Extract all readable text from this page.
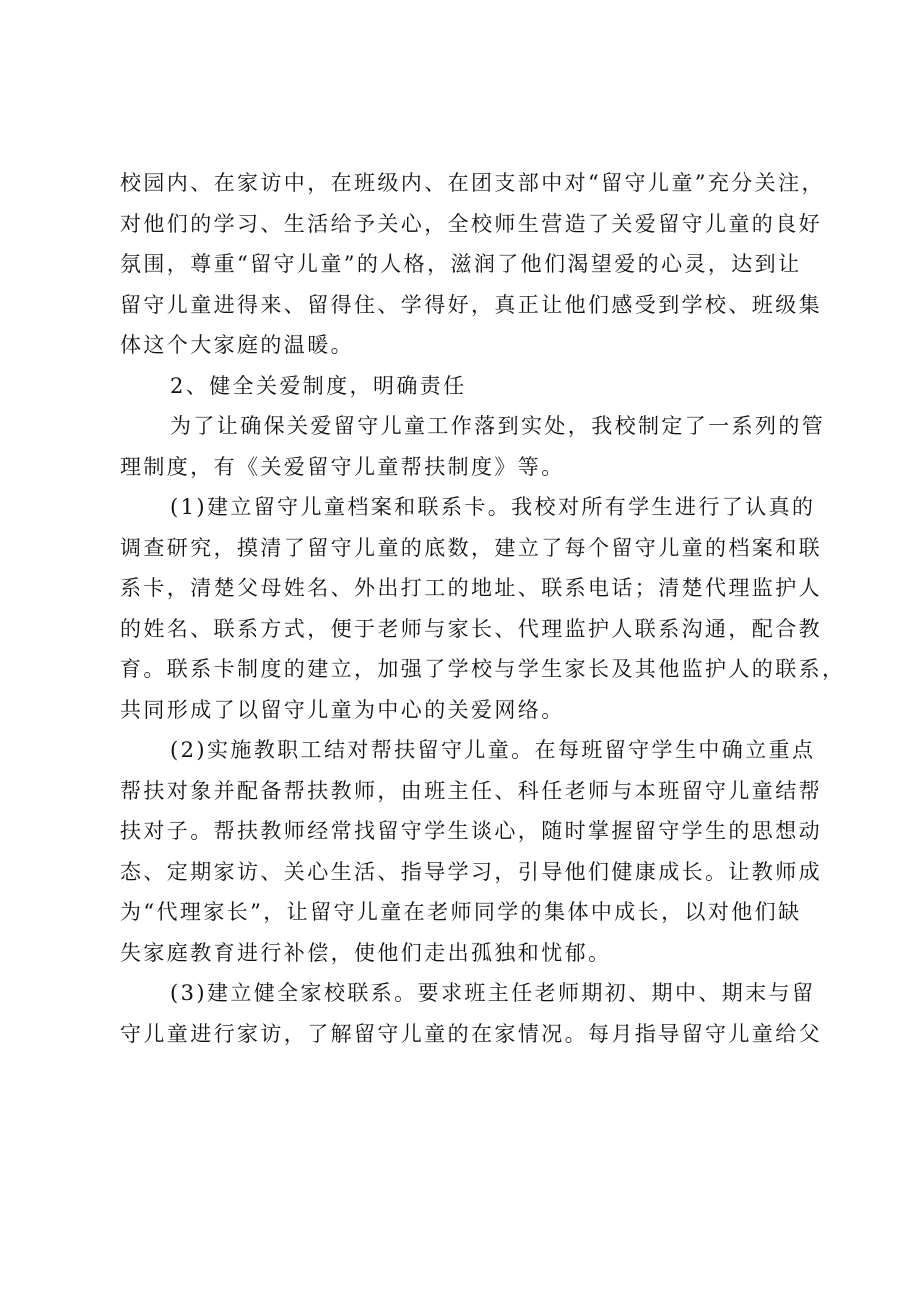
校园内、在家访中，在班级内、在团支部中对“留守儿童”充分关注，
对他们的学习、生活给予关心，全校师生营造了关爱留守儿童的良好
氛围，尊重“留守儿童”的人格，滋润了他们渴望爱的心灵，达到让
留守儿童进得来、留得住、学得好，真正让他们感受到学校、班级集
体这个大家庭的温暖。
2、健全关爱制度，明确责任
为了让确保关爱留守儿童工作落到实处，我校制定了一系列的管
理制度，有《关爱留守儿童帮扶制度》等。
(1)建立留守儿童档案和联系卡。我校对所有学生进行了认真的
调查研究，摸清了留守儿童的底数，建立了每个留守儿童的档案和联
系卡，清楚父母姓名、外出打工的地址、联系电话；清楚代理监护人
的姓名、联系方式，便于老师与家长、代理监护人联系沟通，配合教
育。联系卡制度的建立，加强了学校与学生家长及其他监护人的联系，
共同形成了以留守儿童为中心的关爱网络。
(2)实施教职工结对帮扶留守儿童。在每班留守学生中确立重点
帮扶对象并配备帮扶教师，由班主任、科任老师与本班留守儿童结帮
扶对子。帮扶教师经常找留守学生谈心，随时掌握留守学生的思想动
态、定期家访、关心生活、指导学习，引导他们健康成长。让教师成
为“代理家长”，让留守儿童在老师同学的集体中成长，以对他们缺
失家庭教育进行补偿，使他们走出孤独和忧郁。
(3)建立健全家校联系。要求班主任老师期初、期中、期末与留
守儿童进行家访，了解留守儿童的在家情况。每月指导留守儿童给父
